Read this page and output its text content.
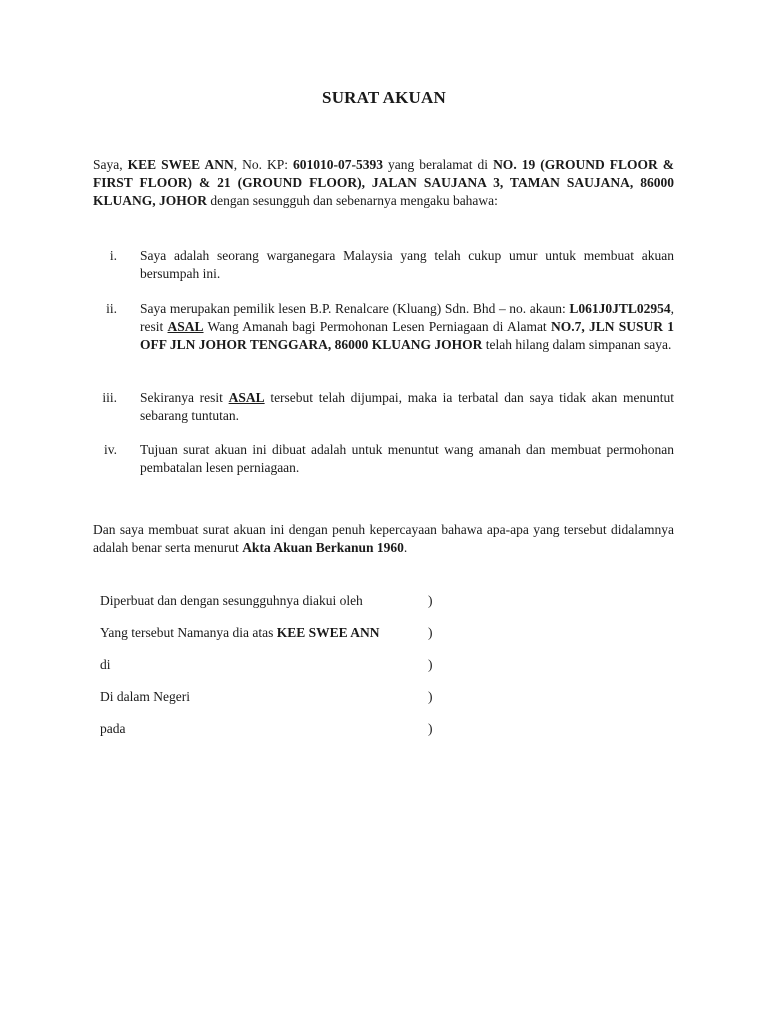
SURAT AKUAN
Saya, KEE SWEE ANN, No. KP: 601010-07-5393 yang beralamat di NO. 19 (GROUND FLOOR & FIRST FLOOR) & 21 (GROUND FLOOR), JALAN SAUJANA 3, TAMAN SAUJANA, 86000 KLUANG, JOHOR dengan sesungguh dan sebenarnya mengaku bahawa:
i. Saya adalah seorang warganegara Malaysia yang telah cukup umur untuk membuat akuan bersumpah ini.
ii. Saya merupakan pemilik lesen B.P. Renalcare (Kluang) Sdn. Bhd – no. akaun: L061J0JTL02954, resit ASAL Wang Amanah bagi Permohonan Lesen Perniagaan di Alamat NO.7, JLN SUSUR 1 OFF JLN JOHOR TENGGARA, 86000 KLUANG JOHOR telah hilang dalam simpanan saya.
iii. Sekiranya resit ASAL tersebut telah dijumpai, maka ia terbatal dan saya tidak akan menuntut sebarang tuntutan.
iv. Tujuan surat akuan ini dibuat adalah untuk menuntut wang amanah dan membuat permohonan pembatalan lesen perniagaan.
Dan saya membuat surat akuan ini dengan penuh kepercayaan bahawa apa-apa yang tersebut didalamnya adalah benar serta menurut Akta Akuan Berkanun 1960.
Diperbuat dan dengan sesungguhnya diakui oleh	)
Yang tersebut Namanya dia atas KEE SWEE ANN	)
di	)
Di dalam Negeri	)
pada	)
